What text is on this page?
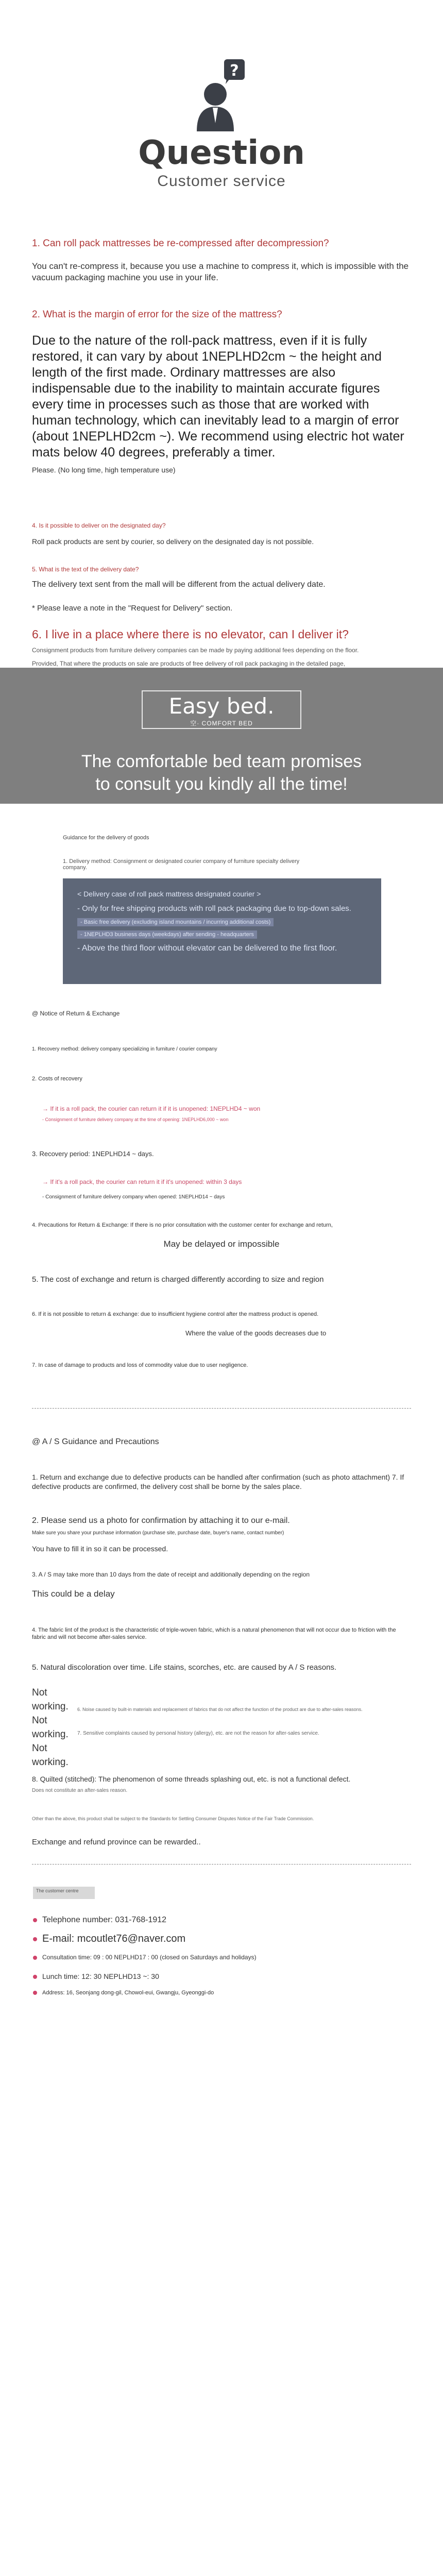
?
Question
Customer service
1. Can roll pack mattresses be re-compressed after decompression?
You can't re-compress it, because you use a machine to compress it, which is impossible with the vacuum packaging machine you use in your life.
2. What is the margin of error for the size of the mattress?
Due to the nature of the roll-pack mattress, even if it is fully restored, it can vary by about 1NEPLHD2cm ~ the height and length of the first made. Ordinary mattresses are also indispensable due to the inability to maintain accurate figures every time in processes such as those that are worked with human technology, which can inevitably lead to a margin of error (about 1NEPLHD2cm ~). We recommend using electric hot water mats below 40 degrees, preferably a timer.
Please. (No long time, high temperature use)
4. Is it possible to deliver on the designated day?
Roll pack products are sent by courier, so delivery on the designated day is not possible.
5. What is the text of the delivery date?
The delivery text sent from the mall will be different from the actual delivery date.
* Please leave a note in the "Request for Delivery" section.
6. I live in a place where there is no elevator, can I deliver it?
Consignment products from furniture delivery companies can be made by paying additional fees depending on the floor.
Provided, That where the products on sale are products of free delivery of roll pack packaging in the detailed page,
Easy bed.
空· COMFORT BED
The comfortable bed team promises
to consult you kindly all the time!
Guidance for the delivery of goods
1. Delivery method: Consignment or designated courier company of furniture specialty delivery company.
< Delivery case of roll pack mattress designated courier >
- Only for free shipping products with roll pack packaging due to top-down sales.
- Basic free delivery (excluding island mountains / incurring additional costs)
- 1NEPLHD3 business days (weekdays) after sending - headquarters
- Above the third floor without elevator can be delivered to the first floor.
@ Notice of Return & Exchange
1. Recovery method: delivery company specializing in furniture / courier company
2. Costs of recovery
→ If it is a roll pack, the courier can return it if it is unopened: 1NEPLHD4 ~ won
- Consignment of furniture delivery company at the time of opening: 1NEPLHD6,000 ~ won
3. Recovery period: 1NEPLHD14 ~ days.
→ If it's a roll pack, the courier can return it if it's unopened: within 3 days
- Consignment of furniture delivery company when opened: 1NEPLHD14 ~ days
4. Precautions for Return & Exchange: If there is no prior consultation with the customer center for exchange and return,
May be delayed or impossible
5. The cost of exchange and return is charged differently according to size and region
6. If it is not possible to return & exchange: due to insufficient hygiene control after the mattress product is opened.
Where the value of the goods decreases due to
7. In case of damage to products and loss of commodity value due to user negligence.
@ A / S Guidance and Precautions
1. Return and exchange due to defective products can be handled after confirmation (such as photo attachment) 7. If defective products are confirmed, the delivery cost shall be borne by the sales place.
2. Please send us a photo for confirmation by attaching it to our e-mail.
Make sure you share your purchase information (purchase site, purchase date, buyer's name, contact number)
You have to fill it in so it can be processed.
3. A / S may take more than 10 days from the date of receipt and additionally depending on the region
This could be a delay
4. The fabric lint of the product is the characteristic of triple-woven fabric, which is a natural phenomenon that will not occur due to friction with the fabric and will not become after-sales service.
5. Natural discoloration over time. Life stains, scorches, etc. are caused by A / S reasons.
Not
working.
Not
working.
Not
working.
6. Noise caused by built-in materials and replacement of fabrics that do not affect the function of the product are due to after-sales reasons.
7. Sensitive complaints caused by personal history (allergy), etc. are not the reason for after-sales service.
8. Quilted (stitched): The phenomenon of some threads splashing out, etc. is not a functional defect.
Does not constitute an after-sales reason.
Other than the above, this product shall be subject to the Standards for Settling Consumer Disputes Notice of the Fair Trade Commission.
Exchange and refund province can be rewarded..
The customer centre
Telephone number: 031-768-1912
E-mail: mcoutlet76@naver.com
Consultation time: 09 : 00 NEPLHD17 : 00 (closed on Saturdays and holidays)
Lunch time: 12: 30 NEPLHD13 ~: 30
Address: 16, Seonjang dong-gil, Chowol-eui, Gwangju, Gyeonggi-do
